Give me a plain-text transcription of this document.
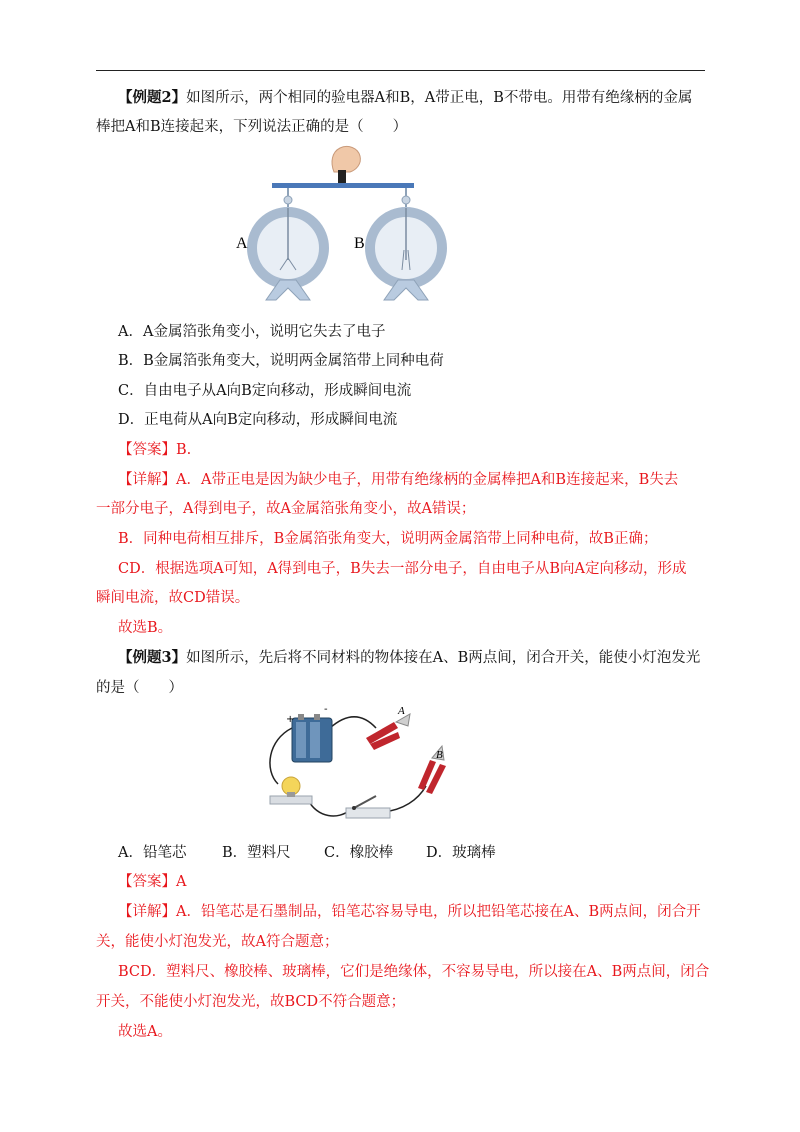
【例题2】如图所示，两个相同的验电器A和B，A带正电，B不带电。用带有绝缘柄的金属
棒把A和B连接起来，下列说法正确的是（　　）
A	B
A．A金属箔张角变小，说明它失去了电子
B．B金属箔张角变大，说明两金属箔带上同种电荷
C．自由电子从A向B定向移动，形成瞬间电流
D．正电荷从A向B定向移动，形成瞬间电流
【答案】B.
【详解】A．A带正电是因为缺少电子，用带有绝缘柄的金属棒把A和B连接起来，B失去
一部分电子，A得到电子，故A金属箔张角变小，故A错误；
B．同种电荷相互排斥，B金属箔张角变大，说明两金属箔带上同种电荷，故B正确；
CD．根据选项A可知，A得到电子，B失去一部分电子，自由电子从B向A定向移动，形成
瞬间电流，故CD错误。
故选B。
【例题3】如图所示，先后将不同材料的物体接在A、B两点间，闭合开关，能使小灯泡发光
的是（　　）
+
-	A
B
A．铅笔芯 B．塑料尺 C．橡胶棒 D．玻璃棒
【答案】A
【详解】A．铅笔芯是石墨制品，铅笔芯容易导电，所以把铅笔芯接在A、B两点间，闭合开
关，能使小灯泡发光，故A符合题意；
BCD．塑料尺、橡胶棒、玻璃棒，它们是绝缘体，不容易导电，所以接在A、B两点间，闭合
开关，不能使小灯泡发光，故BCD不符合题意；
故选A。
